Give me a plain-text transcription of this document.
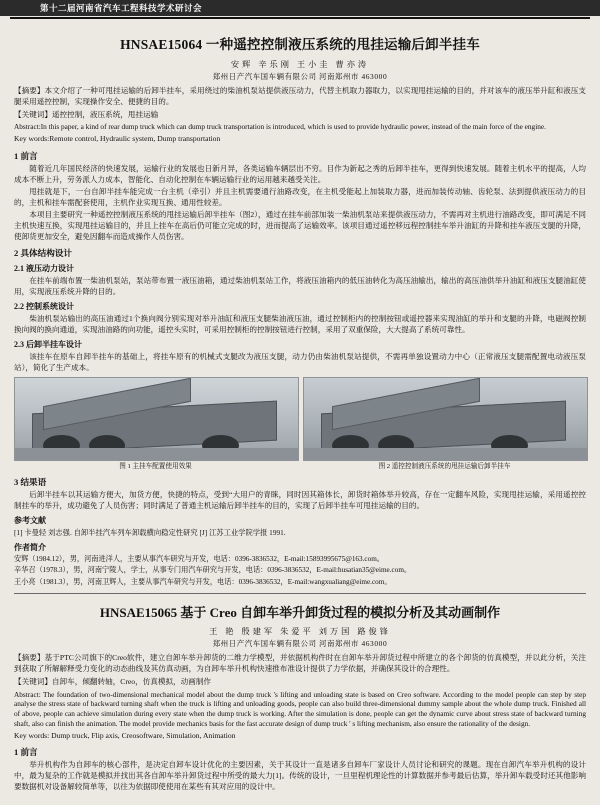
第十二届河南省汽车工程科技学术研讨会
HNSAE15064 一种遥控控制液压系统的甩挂运输后卸半挂车
安辉 辛乐刚 王小圭 曹亦涛
郑州日产汽车国车辆有限公司 河南郑州市 463000
【摘要】本文介绍了一种可甩挂运输的后卸半挂车，采用绕过的柴油机泵站提供液压动力，代替主机取力器取力，以实现甩挂运输的目的，并对该车的液压举升缸和液压支腿采用遥控控制，实现操作安全、便捷的目的。
【关键词】遥控控制，液压系统，甩挂运输
Abstract:In this paper, a kind of rear dump truck which can dump truck transportation is introduced, which is used to provide hydraulic power, instead of the main force of the engine.
Key words:Remote control, Hydraulic system, Dump transportation
1 前言
随着近几年国民经济的快速发展，运输行业的发展也日新月异，各类运输车辆层出不穷。目作为新起之秀的后卸半挂车，更得到快速发展。随着主机水平的提高，人均成本不断上升，劳务派人力成本，智能化、自动化控制在车辆运输行业的运用越来越受关注。
甩挂就是下，一台自卸半挂车能完成一台主机（牵引）并且主机需要通行油路改变，在主机受能起上加装取力器，进而加装传动轴、齿轮泵、法到提供液压动力的目的，主机和挂车需配套使用，主机作业实现互换、通用性较差。
本项目主要研究一种遥控控制液压系统的甩挂运输后卸半挂车（图2），通过在挂车前部加装一柴油机泵站来提供液压动力，不需再对主机进行油路改变，即可满足不同主机快速互换，实现甩挂运输目的，并且上挂车在高后仍可能立完成的时，进而提高了运输效率。该项目通过遥控移远程控制挂车举升油缸的升降和挂车液压支腿的升降，使卸货更加安全，避免因翻车而造成操作人员伤害。
2 具体结构设计
2.1 液压动力设计
在挂车前端布置一柴油机泵站，泵站带布置一液压油箱，通过柴油机泵站工作，将液压油箱内的低压油转化为高压油输出，输出的高压油供举升油缸和液压支腿油缸使用，实现液压系统升降的目的。
2.2 控制系统设计
柴油机泵站输出的高压油通过1个换向阀分别实现对举升油缸和液压支腿柴油液压油，通过控制柜内的控制按钮或遥控器来实现油缸的举升和支腿的升降，电磁阀控制换向阀的换向通道，实现油油路的向功能，遥控头实时，可采用控制柜的控制按钮进行控制，采用了双重保险，大大提高了系统可靠性。
2.3 后卸半挂车设计
该挂车在原车自卸半挂车的基础上，将挂车原有的机械式支腿改为液压支腿，动力仍由柴油机泵站提供，不需再单独设置动力中心（正常液压支腿需配置电动液压泵站），简化了生产成本。
图 1 主挂车配置使用效果	图 2 遥控控制液压系统的甩挂运输后卸半挂车
3 结果语
后卸半挂车以其运输方便大，加货方便，快捷的特点，受到“大用户的青睐，同时因其箱体长，卸货时箱体举升较高，存在一定翻车风险，实现甩挂运输，采用遥控控制挂车的举升，成功避免了人员伤害；同时满足了普通主机运输后卸半挂车的目的，实现了后卸半挂车可甩挂运输的目的。
参考文献
[1] 卡曼轻 刘志强. 自卸半挂汽车列车卸载横向稳定性研究 [J] 江苏工业学院学报 1991.
作者简介
安辉（1984.12），男，河南进洋人，主要从事汽车研究与开发，电话：0396-3836532，E-mail:15893995675@163.com。
辛华召（1978.3），男，河南宁陵人，学士，从事专门用汽车研究与开发，电话：0396-3836532，E-mail:husatian35@eime.com。
王小亮（1981.3），男，河南卫辉人，主要从事汽车研究与开发，电话：0396-3836532，E-mail:wangxualiang@eime.com。
HNSAE15065 基于 Creo 自卸车举升卸货过程的模拟分析及其动画制作
王 艳 殷建军 朱爱平 刘万国 路俊锋
郑州日产汽车国车辆有限公司 河南郑州市 463000
【摘要】基于PTC公司旗下的Creo软件，建立自卸车举升卸货的二维力学模型，并依据机构件时在自卸车举升卸货过程中所建立的各个卸货的仿真模型，并以此分析，关注到获取了所解解释受力变化的动态曲线及其仿真动画，为自卸车举升机构快速推布准设计提供了力学依据，并确保其设计的合理性。
【关键词】自卸车，倾翻转轴，Creo，仿真模拟，动画制作
Abstract: The foundation of two-dimensional mechanical model about the dump truck 's lifting and unloading state is based on Creo software. According to the model people can step by step analyse the stress state of backward turning shaft when the truck is lifting and unloading goods, people can also build three-dimensional dummy sample about the whole dump truck. Finished all of above, people can achieve simulation during every state when the dump truck is working. After the simulation is done, people can get the dynamic curve about stress state of backward turning shaft, also can finish the animation. The model provide mechanics basis for the fast accurate design of dump truck ' s lifting mechanism, also ensure the rationality of the design.
Key words: Dump truck, Flip axis, Creosoftware, Simulation, Animation
1 前言
举升机构作为自卸车的核心部件，是决定自卸车设计优化的主要因素，关于其设计一直是诸多自卸车厂家设计人员讨论和研究的课题。现在自卸汽车举升机构的设计中，最为复杂的工作就是模拟并找出其各自卸车举升卸货过程中所受的最大力[1]。传统的设计，一旦里程机理论性的计算数据并参考最后估算，举升卸车载受时还其他影响要数据机对设备解较简单等，以往为依据即使使用在某些有其对应用的设计中。
